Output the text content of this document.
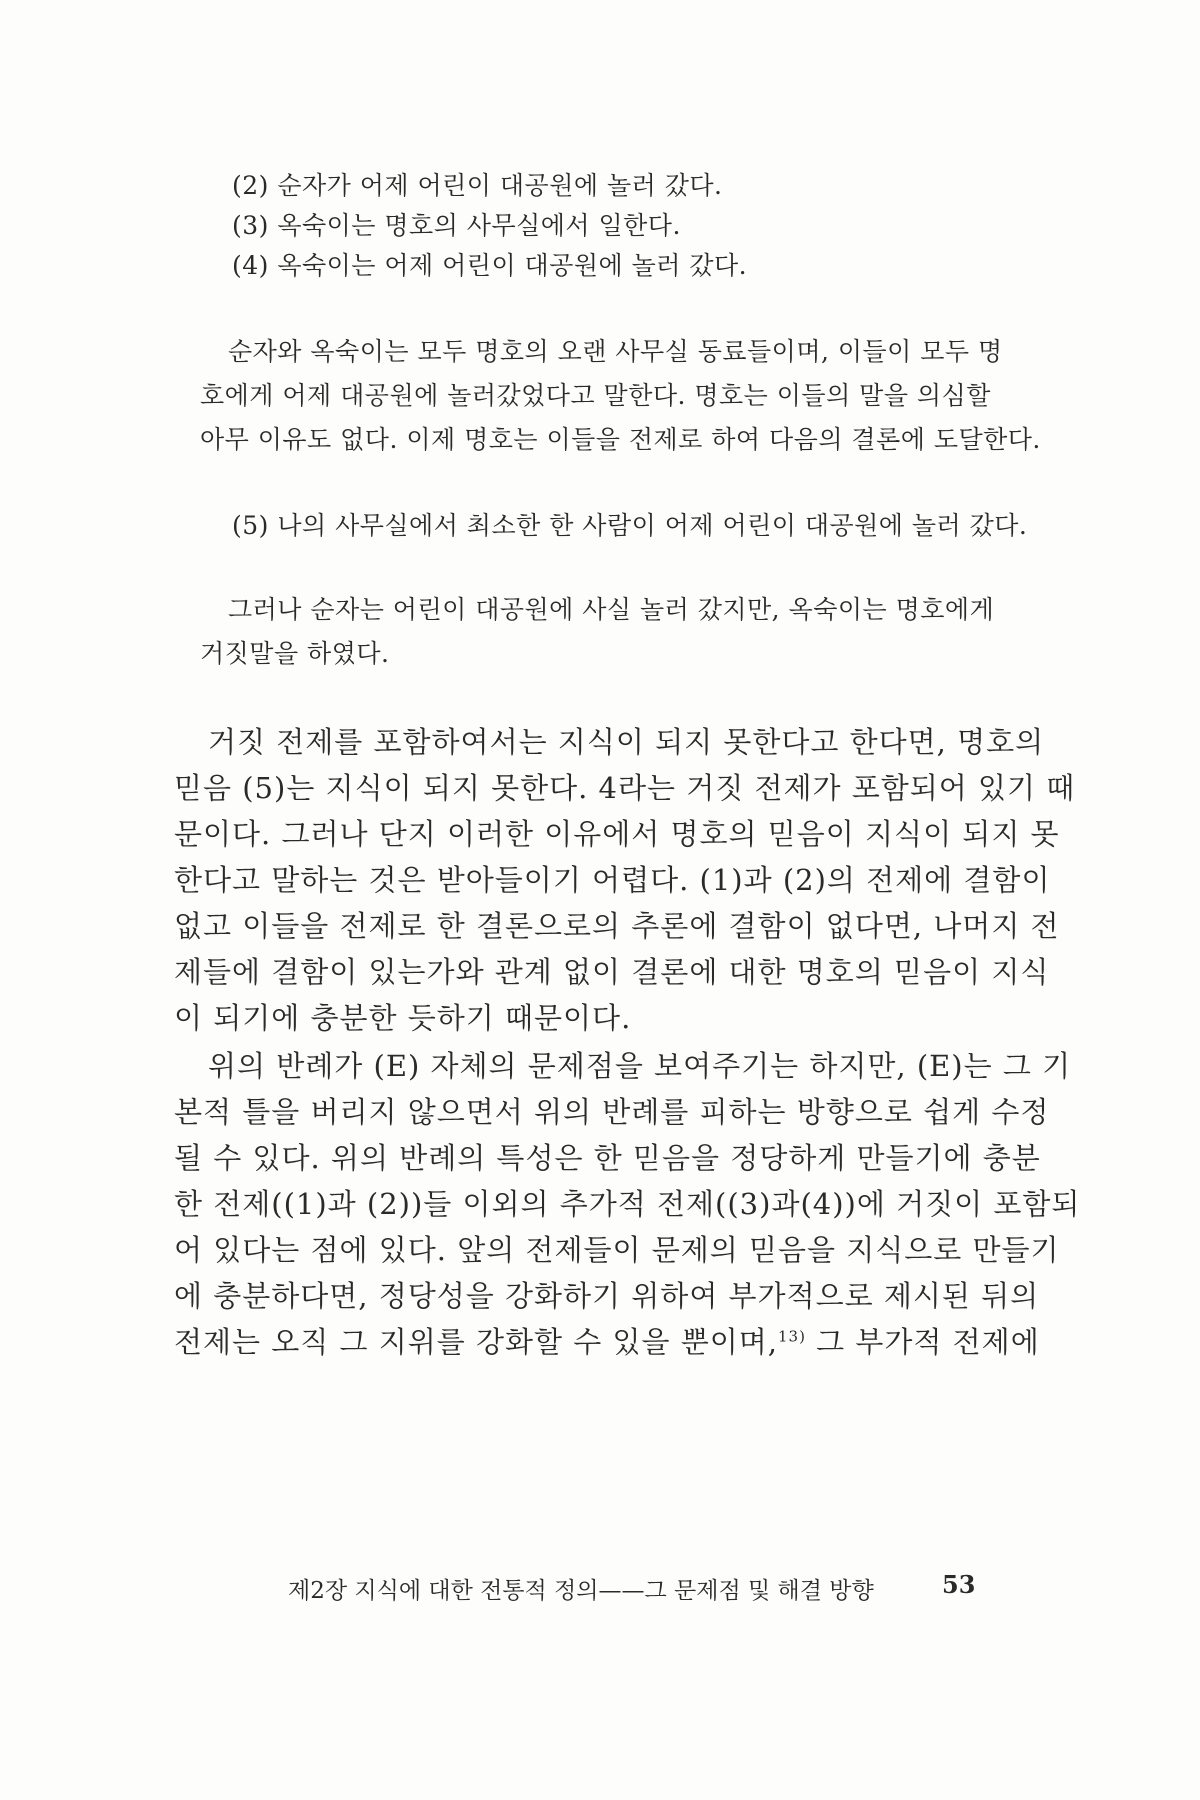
(2) 순자가 어제 어린이 대공원에 놀러 갔다.
(3) 옥숙이는 명호의 사무실에서 일한다.
(4) 옥숙이는 어제 어린이 대공원에 놀러 갔다.
순자와 옥숙이는 모두 명호의 오랜 사무실 동료들이며, 이들이 모두 명
호에게 어제 대공원에 놀러갔었다고 말한다. 명호는 이들의 말을 의심할
아무 이유도 없다. 이제 명호는 이들을 전제로 하여 다음의 결론에 도달한다.
(5) 나의 사무실에서 최소한 한 사람이 어제 어린이 대공원에 놀러 갔다.
그러나 순자는 어린이 대공원에 사실 놀러 갔지만, 옥숙이는 명호에게
거짓말을 하였다.
거짓 전제를 포함하여서는 지식이 되지 못한다고 한다면, 명호의
믿음 (5)는 지식이 되지 못한다. 4라는 거짓 전제가 포함되어 있기 때
문이다. 그러나 단지 이러한 이유에서 명호의 믿음이 지식이 되지 못
한다고 말하는 것은 받아들이기 어렵다. (1)과 (2)의 전제에 결함이
없고 이들을 전제로 한 결론으로의 추론에 결함이 없다면, 나머지 전
제들에 결함이 있는가와 관계 없이 결론에 대한 명호의 믿음이 지식
이 되기에 충분한 듯하기 때문이다.
위의 반례가 (E) 자체의 문제점을 보여주기는 하지만, (E)는 그 기
본적 틀을 버리지 않으면서 위의 반례를 피하는 방향으로 쉽게 수정
될 수 있다. 위의 반례의 특성은 한 믿음을 정당하게 만들기에 충분
한 전제((1)과 (2))들 이외의 추가적 전제((3)과(4))에 거짓이 포함되
어 있다는 점에 있다. 앞의 전제들이 문제의 믿음을 지식으로 만들기
에 충분하다면, 정당성을 강화하기 위하여 부가적으로 제시된 뒤의
전제는 오직 그 지위를 강화할 수 있을 뿐이며,$^{13)}$ 그 부가적 전제에
제2장 지식에 대한 전통적 정의——그 문제점 및 해결 방향	53
